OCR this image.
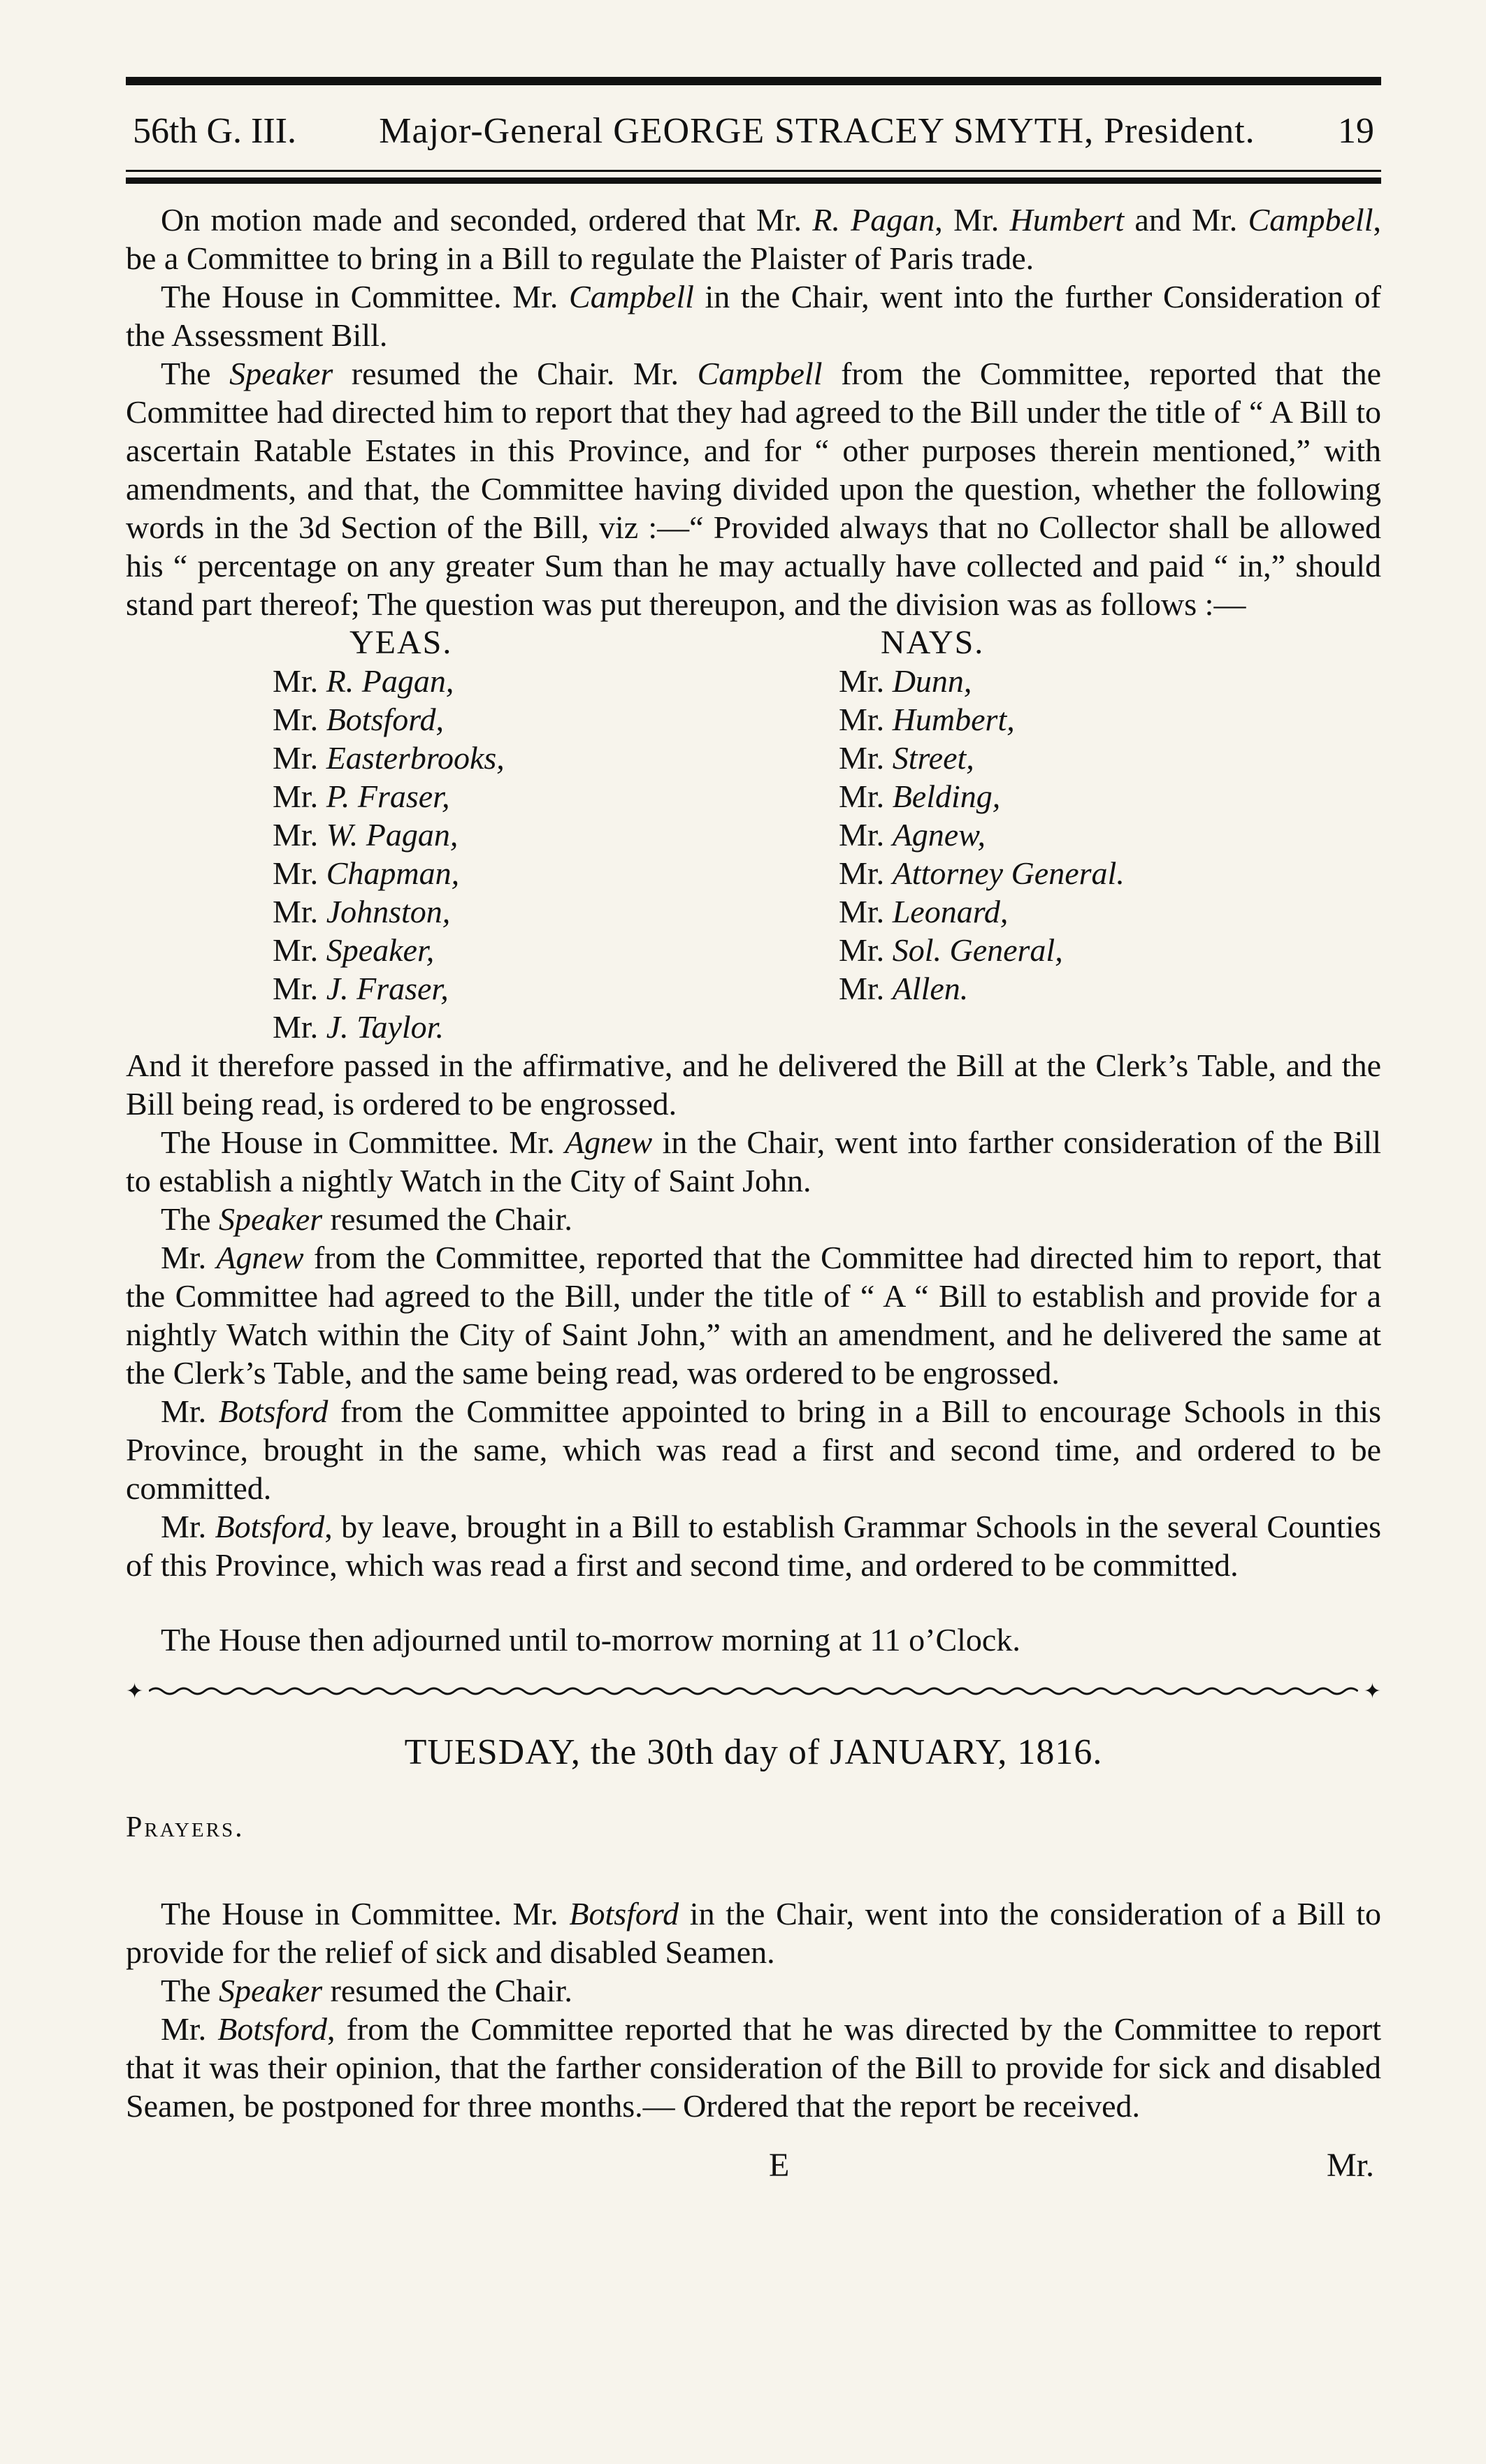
56th G. III. Major-General GEORGE STRACEY SMYTH, President. 19

On motion made and seconded, ordered that Mr. R. Pagan, Mr. Humbert and Mr. Campbell, be a Committee to bring in a Bill to regulate the Plaister of Paris trade.

The House in Committee. Mr. Campbell in the Chair, went into the further Consideration of the Assessment Bill.

The Speaker resumed the Chair. Mr. Campbell from the Committee, reported that the Committee had directed him to report that they had agreed to the Bill under the title of “ A Bill to ascertain Ratable Estates in this Province, and for “ other purposes therein mentioned,” with amendments, and that, the Committee having divided upon the question, whether the following words in the 3d Section of the Bill, viz :—“ Provided always that no Collector shall be allowed his “ percentage on any greater Sum than he may actually have collected and paid “ in,” should stand part thereof; The question was put thereupon, and the division was as follows :—

YEAS.
Mr. R. Pagan,
Mr. Botsford,
Mr. Easterbrooks,
Mr. P. Fraser,
Mr. W. Pagan,
Mr. Chapman,
Mr. Johnston,
Mr. Speaker,
Mr. J. Fraser,
Mr. J. Taylor.
NAYS.
Mr. Dunn,
Mr. Humbert,
Mr. Street,
Mr. Belding,
Mr. Agnew,
Mr. Attorney General.
Mr. Leonard,
Mr. Sol. General,
Mr. Allen.

And it therefore passed in the affirmative, and he delivered the Bill at the Clerk’s Table, and the Bill being read, is ordered to be engrossed.

The House in Committee. Mr. Agnew in the Chair, went into farther consideration of the Bill to establish a nightly Watch in the City of Saint John.

The Speaker resumed the Chair.

Mr. Agnew from the Committee, reported that the Committee had directed him to report, that the Committee had agreed to the Bill, under the title of “ A “ Bill to establish and provide for a nightly Watch within the City of Saint John,” with an amendment, and he delivered the same at the Clerk’s Table, and the same being read, was ordered to be engrossed.

Mr. Botsford from the Committee appointed to bring in a Bill to encourage Schools in this Province, brought in the same, which was read a first and second time, and ordered to be committed.

Mr. Botsford, by leave, brought in a Bill to establish Grammar Schools in the several Counties of this Province, which was read a first and second time, and ordered to be committed.

The House then adjourned until to-morrow morning at 11 o’Clock.
✦	✦
TUESDAY, the 30th day of JANUARY, 1816.
Prayers.

The House in Committee. Mr. Botsford in the Chair, went into the consideration of a Bill to provide for the relief of sick and disabled Seamen.

The Speaker resumed the Chair.

Mr. Botsford, from the Committee reported that he was directed by the Committee to report that it was their opinion, that the farther consideration of the Bill to provide for sick and disabled Seamen, be postponed for three months.— Ordered that the report be received.

E	Mr.
